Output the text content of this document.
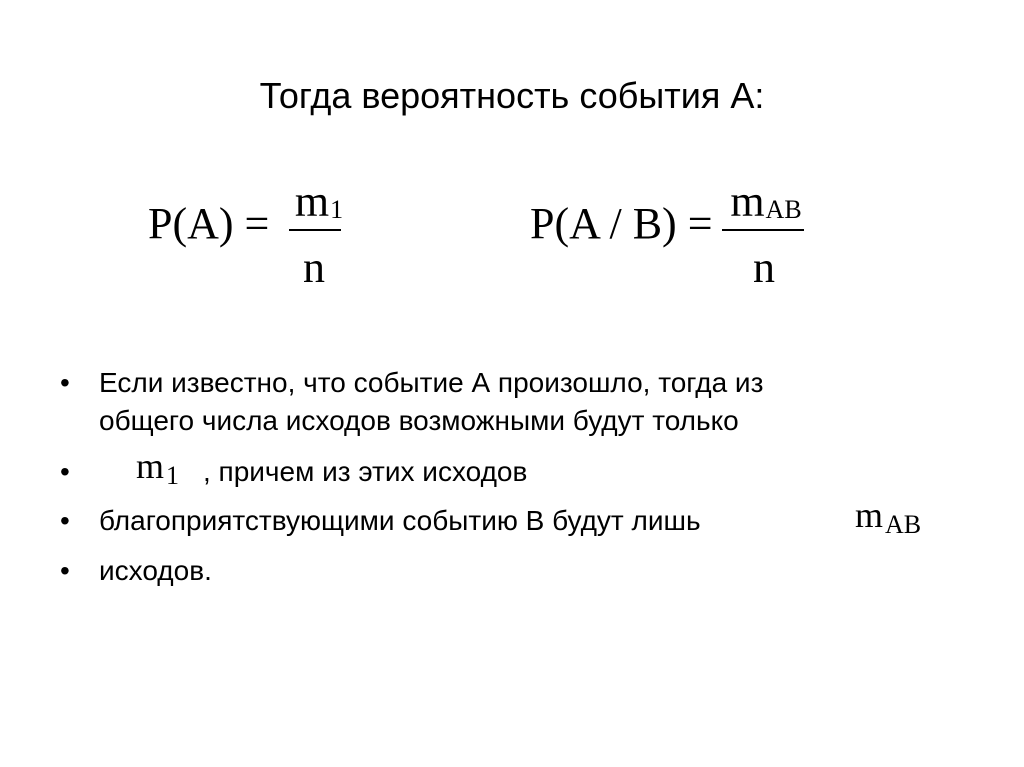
Тогда вероятность события А:
$P(A) = m_1$
n
$P(A / B) = m_{AB}$
n
• Если известно, что событие А произошло, тогда из
общего числа исходов возможными будут только
• $m_1$ , причем из этих исходов
• благоприятствующими событию В будут лишь	$m_{AB}$
• исходов.
